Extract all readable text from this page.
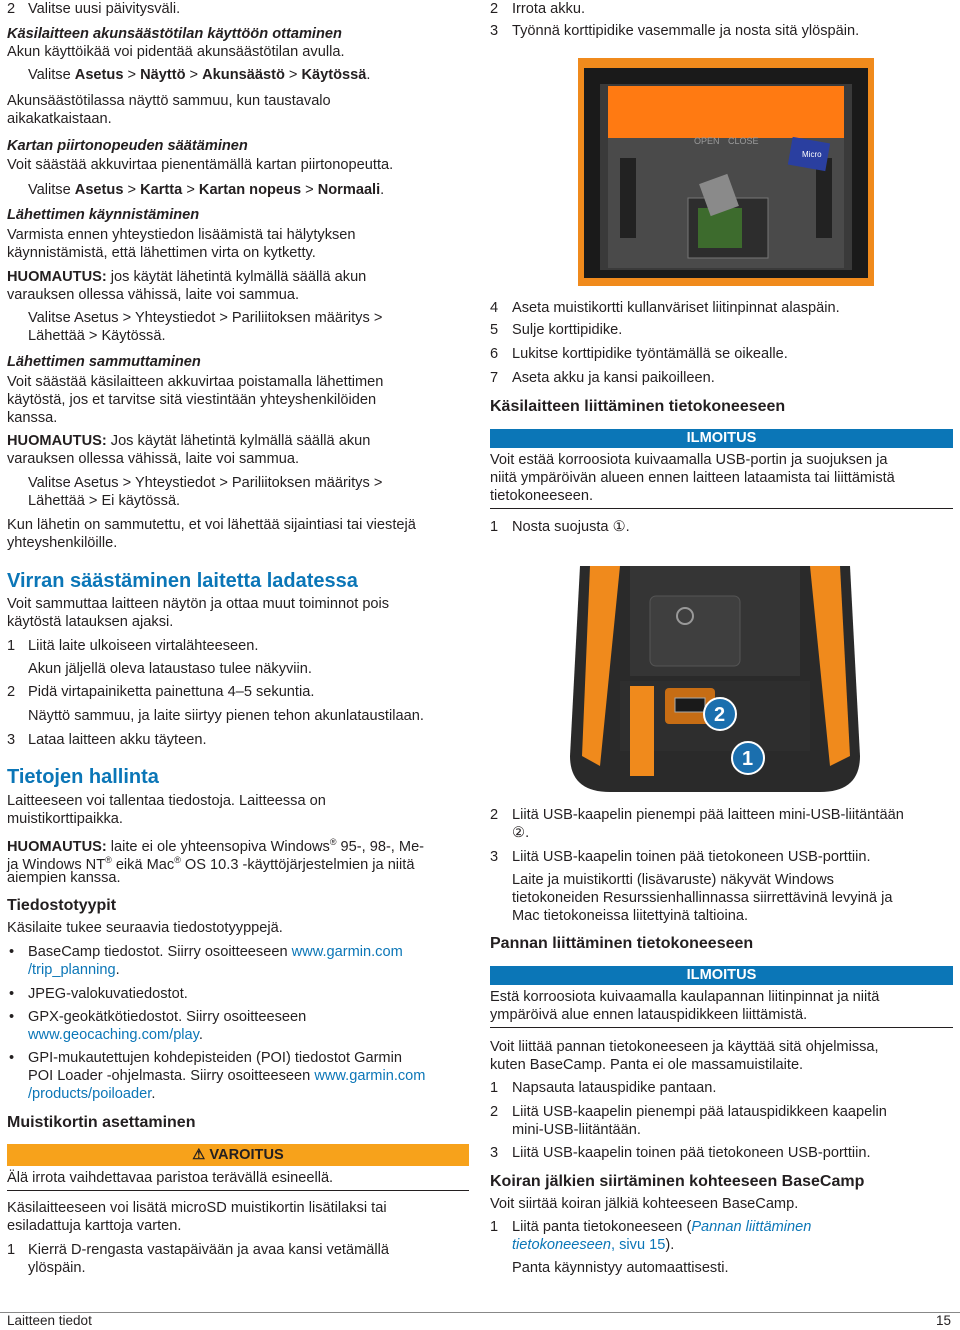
2 Valitse uusi päivitysväli.
Käsilaitteen akunsäästötilan käyttöön ottaminen
Akun käyttöikää voi pidentää akunsäästötilan avulla.
Valitse Asetus > Näyttö > Akunsäästö > Käytössä.
Akunsäästötilassa näyttö sammuu, kun taustavalo
aikakatkaistaan.
Kartan piirtonopeuden säätäminen
Voit säästää akkuvirtaa pienentämällä kartan piirtonopeutta.
Valitse Asetus > Kartta > Kartan nopeus > Normaali.
Lähettimen käynnistäminen
Varmista ennen yhteystiedon lisäämistä tai hälytyksen
käynnistämistä, että lähettimen virta on kytketty.
HUOMAUTUS: jos käytät lähetintä kylmällä säällä akun
varauksen ollessa vähissä, laite voi sammua.
Valitse Asetus > Yhteystiedot > Pariliitoksen määritys >
Lähettää > Käytössä.
Lähettimen sammuttaminen
Voit säästää käsilaitteen akkuvirtaa poistamalla lähettimen
käytöstä, jos et tarvitse sitä viestintään yhteyshenkilöiden
kanssa.
HUOMAUTUS: Jos käytät lähetintä kylmällä säällä akun
varauksen ollessa vähissä, laite voi sammua.
Valitse Asetus > Yhteystiedot > Pariliitoksen määritys >
Lähettää > Ei käytössä.
Kun lähetin on sammutettu, et voi lähettää sijaintiasi tai viestejä
yhteyshenkilöille.
Virran säästäminen laitetta ladatessa
Voit sammuttaa laitteen näytön ja ottaa muut toiminnot pois
käytöstä latauksen ajaksi.
1 Liitä laite ulkoiseen virtalähteeseen.
Akun jäljellä oleva lataustaso tulee näkyviin.
2 Pidä virtapainiketta painettuna 4–5 sekuntia.
Näyttö sammuu, ja laite siirtyy pienen tehon akunlataustilaan.
3 Lataa laitteen akku täyteen.
Tietojen hallinta
Laitteeseen voi tallentaa tiedostoja. Laitteessa on
muistikorttipaikka.
HUOMAUTUS: laite ei ole yhteensopiva Windows® 95-, 98-, Me-
ja Windows NT® eikä Mac® OS 10.3 -käyttöjärjestelmien ja niitä
aiempien kanssa.
Tiedostotyypit
Käsilaite tukee seuraavia tiedostotyyppejä.
• BaseCamp tiedostot. Siirry osoitteeseen www.garmin.com
/trip_planning.
• JPEG-valokuvatiedostot.
• GPX-geokätkötiedostot. Siirry osoitteeseen
www.geocaching.com/play.
• GPI-mukautettujen kohdepisteiden (POI) tiedostot Garmin
POI Loader -ohjelmasta. Siirry osoitteeseen www.garmin.com
/products/poiloader.
Muistikortin asettaminen
⚠ VAROITUS
Älä irrota vaihdettavaa paristoa terävällä esineellä.
Käsilaitteeseen voi lisätä microSD muistikortin lisätilaksi tai
esiladattuja karttoja varten.
1 Kierrä D-rengasta vastapäivään ja avaa kansi vetämällä
ylöspäin.
2 Irrota akku.
3 Työnnä korttipidike vasemmalle ja nosta sitä ylöspäin.
Micro
OPEN CLOSE
4 Aseta muistikortti kullanväriset liitinpinnat alaspäin.
5 Sulje korttipidike.
6 Lukitse korttipidike työntämällä se oikealle.
7 Aseta akku ja kansi paikoilleen.
Käsilaitteen liittäminen tietokoneeseen
ILMOITUS
Voit estää korroosiota kuivaamalla USB-portin ja suojuksen ja
niitä ympäröivän alueen ennen laitteen lataamista tai liittämistä
tietokoneeseen.
1 Nosta suojusta ①.
2
1
2 Liitä USB-kaapelin pienempi pää laitteen mini-USB-liitäntään
②.
3 Liitä USB-kaapelin toinen pää tietokoneen USB-porttiin.
Laite ja muistikortti (lisävaruste) näkyvät Windows
tietokoneiden Resurssienhallinnassa siirrettävinä levyinä ja
Mac tietokoneissa liitettyinä taltioina.
Pannan liittäminen tietokoneeseen
ILMOITUS
Estä korroosiota kuivaamalla kaulapannan liitinpinnat ja niitä
ympäröivä alue ennen latauspidikkeen liittämistä.
Voit liittää pannan tietokoneeseen ja käyttää sitä ohjelmissa,
kuten BaseCamp. Panta ei ole massamuistilaite.
1 Napsauta latauspidike pantaan.
2 Liitä USB-kaapelin pienempi pää latauspidikkeen kaapelin
mini-USB-liitäntään.
3 Liitä USB-kaapelin toinen pää tietokoneen USB-porttiin.
Koiran jälkien siirtäminen kohteeseen BaseCamp
Voit siirtää koiran jälkiä kohteeseen BaseCamp.
1 Liitä panta tietokoneeseen (Pannan liittäminen
tietokoneeseen, sivu 15).
Panta käynnistyy automaattisesti.
Laitteen tiedot	15
